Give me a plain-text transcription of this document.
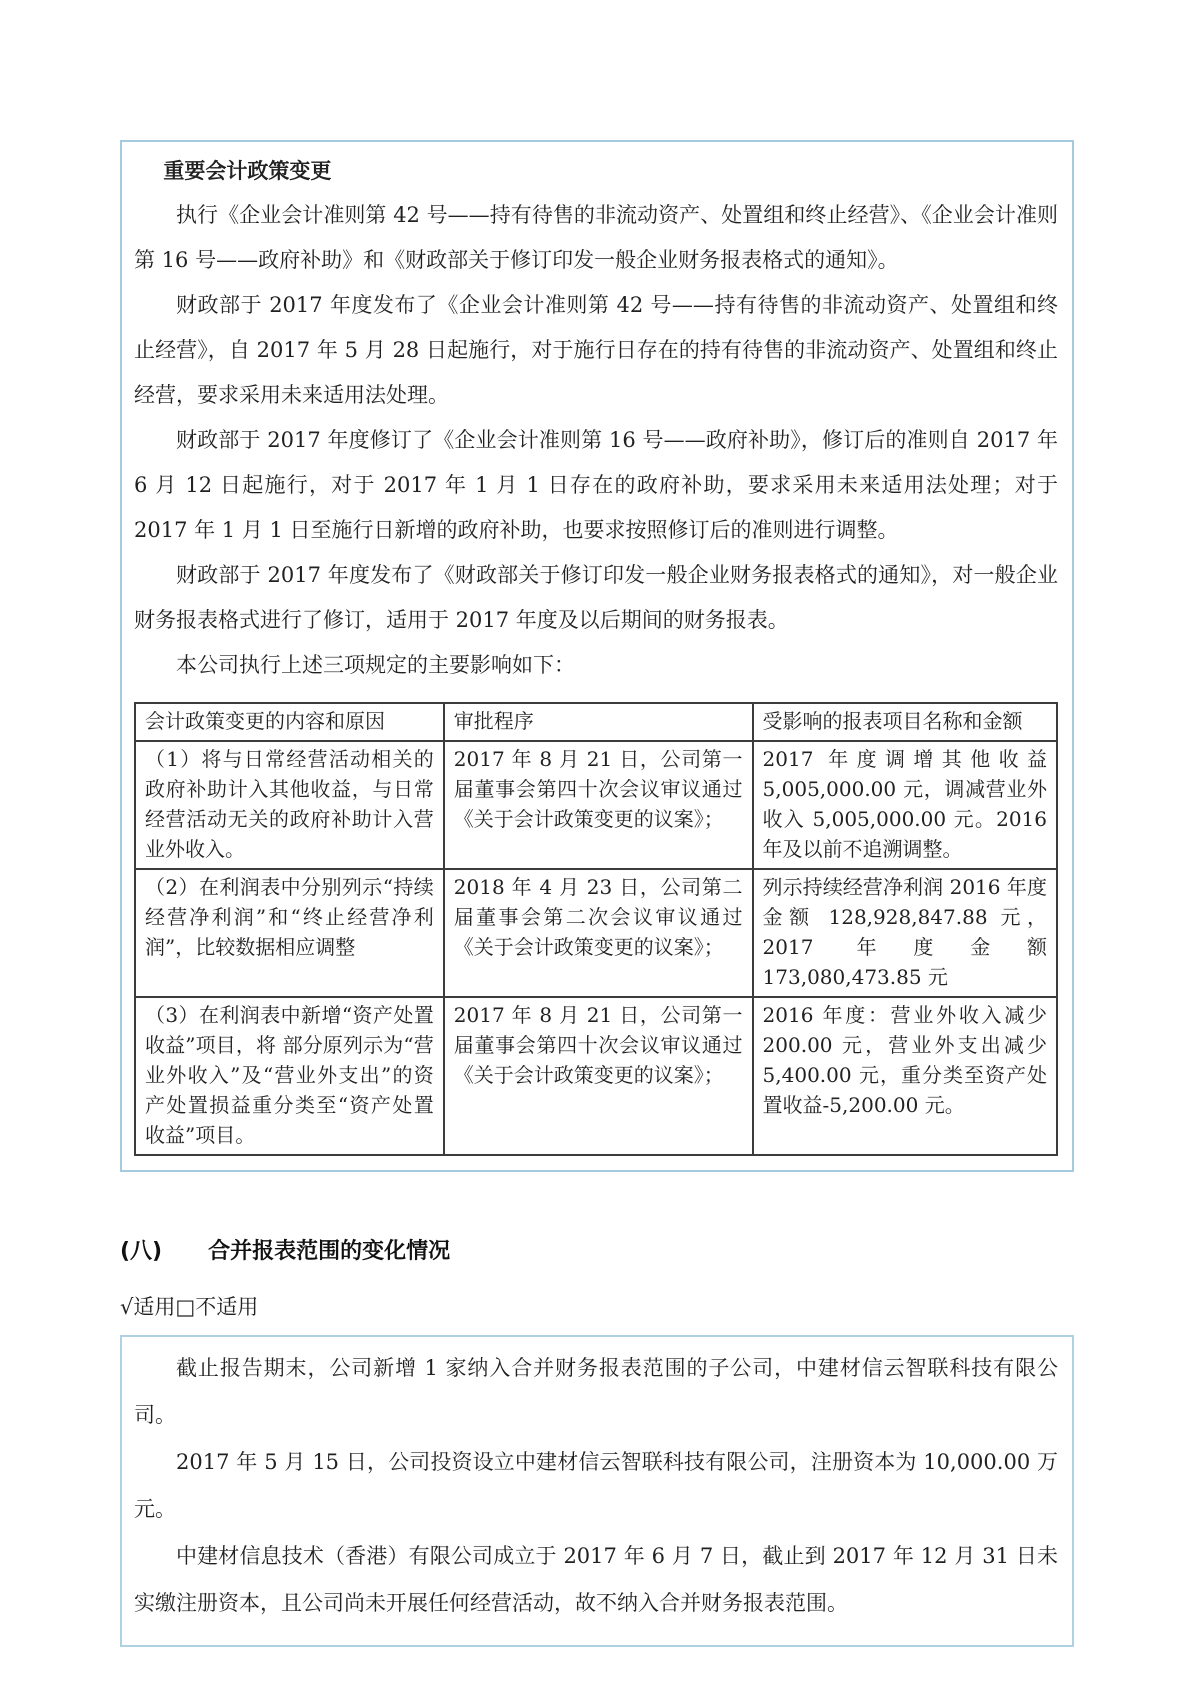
重要会计政策变更

执行《企业会计准则第 42 号——持有待售的非流动资产、处置组和终止经营》、《企业会计准则第 16 号——政府补助》和《财政部关于修订印发一般企业财务报表格式的通知》。

财政部于 2017 年度发布了《企业会计准则第 42 号——持有待售的非流动资产、处置组和终止经营》，自 2017 年 5 月 28 日起施行，对于施行日存在的持有待售的非流动资产、处置组和终止经营，要求采用未来适用法处理。

财政部于 2017 年度修订了《企业会计准则第 16 号——政府补助》，修订后的准则自 2017 年 6 月 12 日起施行，对于 2017 年 1 月 1 日存在的政府补助，要求采用未来适用法处理；对于 2017 年 1 月 1 日至施行日新增的政府补助，也要求按照修订后的准则进行调整。

财政部于 2017 年度发布了《财政部关于修订印发一般企业财务报表格式的通知》，对一般企业财务报表格式进行了修订，适用于 2017 年度及以后期间的财务报表。

本公司执行上述三项规定的主要影响如下：

会计政策变更的内容和原因	审批程序	受影响的报表项目名称和金额
（1）将与日常经营活动相关的政府补助计入其他收益，与日常经营活动无关的政府补助计入营业外收入。	2017 年 8 月 21 日，公司第一届董事会第四十次会议审议通过《关于会计政策变更的议案》；	2017 年度调增其他收益 5,005,000.00 元，调减营业外收入 5,005,000.00 元。2016 年及以前不追溯调整。
（2）在利润表中分别列示“持续经营净利润”和“终止经营净利润”，比较数据相应调整	2018 年 4 月 23 日，公司第二届董事会第二次会议审议通过《关于会计政策变更的议案》；	列示持续经营净利润 2016 年度金额 128,928,847.88 元，2017 年度金额 173,080,473.85 元
（3）在利润表中新增“资产处置收益”项目，将 部分原列示为“营业外收入”及“营业外支出”的资产处置损益重分类至“资产处置收益”项目。	2017 年 8 月 21 日，公司第一届董事会第四十次会议审议通过《关于会计政策变更的议案》；	2016 年度：营业外收入减少 200.00 元，营业外支出减少 5,400.00 元，重分类至资产处置收益-5,200.00 元。
(八) 合并报表范围的变化情况
√适用□不适用

截止报告期末，公司新增 1 家纳入合并财务报表范围的子公司，中建材信云智联科技有限公司。

2017 年 5 月 15 日，公司投资设立中建材信云智联科技有限公司，注册资本为 10,000.00 万元。

中建材信息技术（香港）有限公司成立于 2017 年 6 月 7 日，截止到 2017 年 12 月 31 日未实缴注册资本，且公司尚未开展任何经营活动，故不纳入合并财务报表范围。
